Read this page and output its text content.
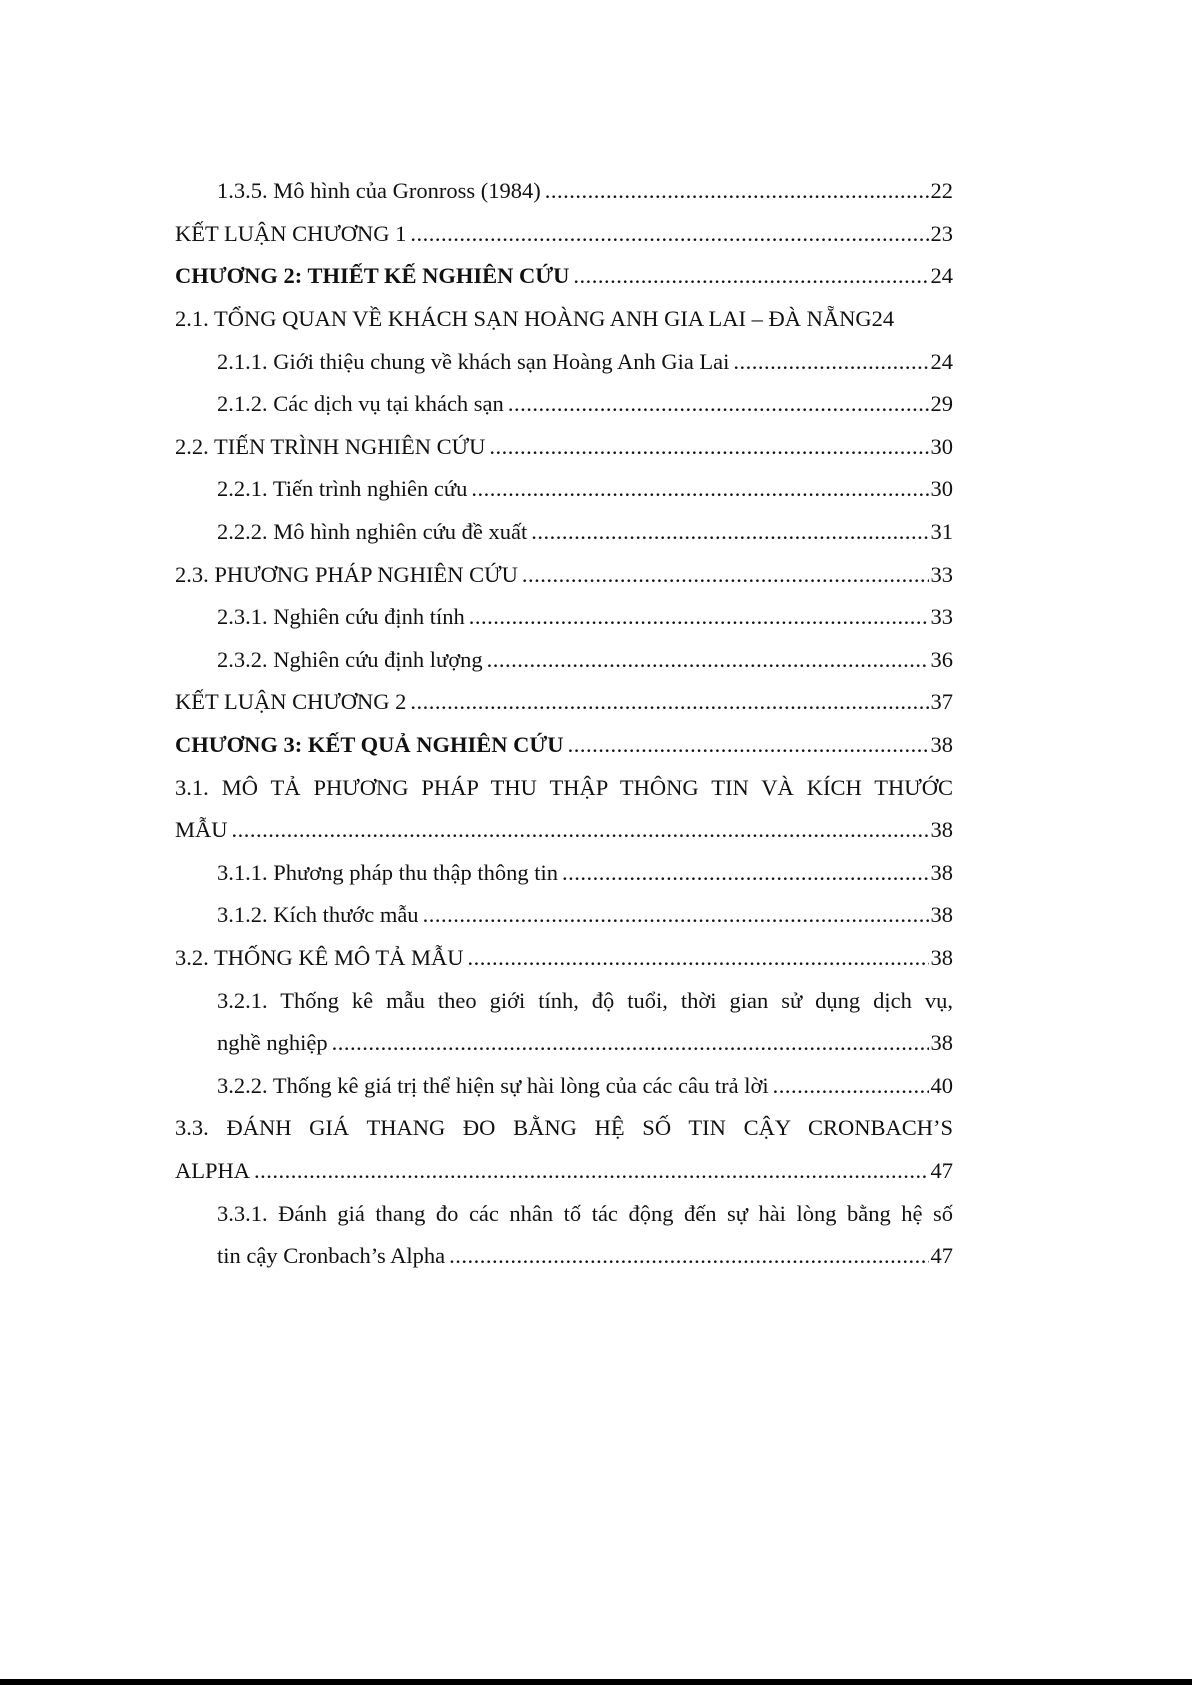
1.3.5. Mô hình của Gronross (1984) .....	22
KẾT LUẬN CHƯƠNG 1 .....	23
CHƯƠNG 2: THIẾT KẾ NGHIÊN CỨU .....	24
2.1. TỔNG QUAN VỀ KHÁCH SẠN HOÀNG ANH GIA LAI – ĐÀ NẴNG 24
2.1.1. Giới thiệu chung về khách sạn Hoàng Anh Gia Lai .....	24
2.1.2. Các dịch vụ tại khách sạn .....	29
2.2. TIẾN TRÌNH NGHIÊN CỨU .....	30
2.2.1. Tiến trình nghiên cứu .....	30
2.2.2. Mô hình nghiên cứu đề xuất .....	31
2.3. PHƯƠNG PHÁP NGHIÊN CỨU .....	33
2.3.1. Nghiên cứu định tính .....	33
2.3.2. Nghiên cứu định lượng .....	36
KẾT LUẬN CHƯƠNG 2 .....	37
CHƯƠNG 3: KẾT QUẢ NGHIÊN CỨU .....	38
3.1. MÔ TẢ PHƯƠNG PHÁP THU THẬP THÔNG TIN VÀ KÍCH THƯỚC
MẪU .....	38
3.1.1. Phương pháp thu thập thông tin .....	38
3.1.2. Kích thước mẫu .....	38
3.2. THỐNG KÊ MÔ TẢ MẪU .....	38
3.2.1. Thống kê mẫu theo giới tính, độ tuổi, thời gian sử dụng dịch vụ,
nghề nghiệp .....	38
3.2.2. Thống kê giá trị thể hiện sự hài lòng của các câu trả lời .....	40
3.3. ĐÁNH GIÁ THANG ĐO BẰNG HỆ SỐ TIN CẬY CRONBACH’S
ALPHA .....	47
3.3.1. Đánh giá thang đo các nhân tố tác động đến sự hài lòng bằng hệ số
tin cậy Cronbach’s Alpha .....	47
